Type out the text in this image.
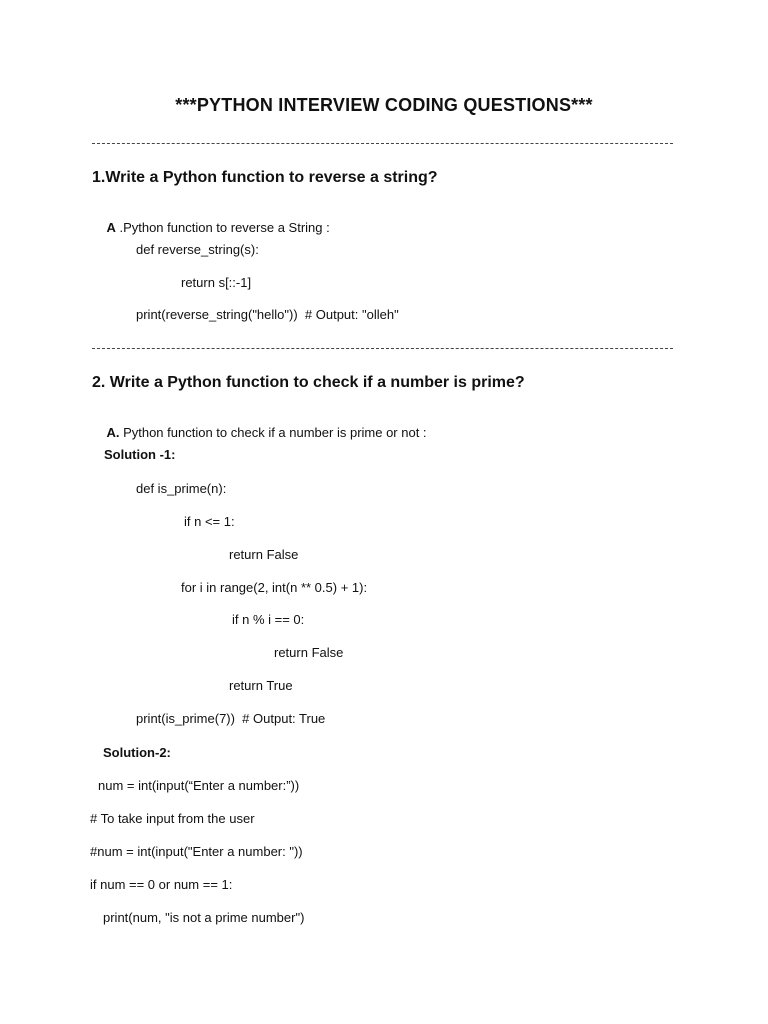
***PYTHON INTERVIEW CODING QUESTIONS***
1.Write a Python function to reverse a string?

A .Python function to reverse a String :

def reverse_string(s):
return s[::-1]
print(reverse_string("hello"))  # Output: "olleh"
2. Write a Python function to check if a number is prime?

A. Python function to check if a number is prime or not :

Solution -1:
def is_prime(n):
if n <= 1:
return False
for i in range(2, int(n ** 0.5) + 1):
if n % i == 0:
return False
return True
print(is_prime(7))  # Output: True
Solution-2:
num = int(input(“Enter a number:”))
# To take input from the user
#num = int(input("Enter a number: "))
if num == 0 or num == 1:
print(num, "is not a prime number")
